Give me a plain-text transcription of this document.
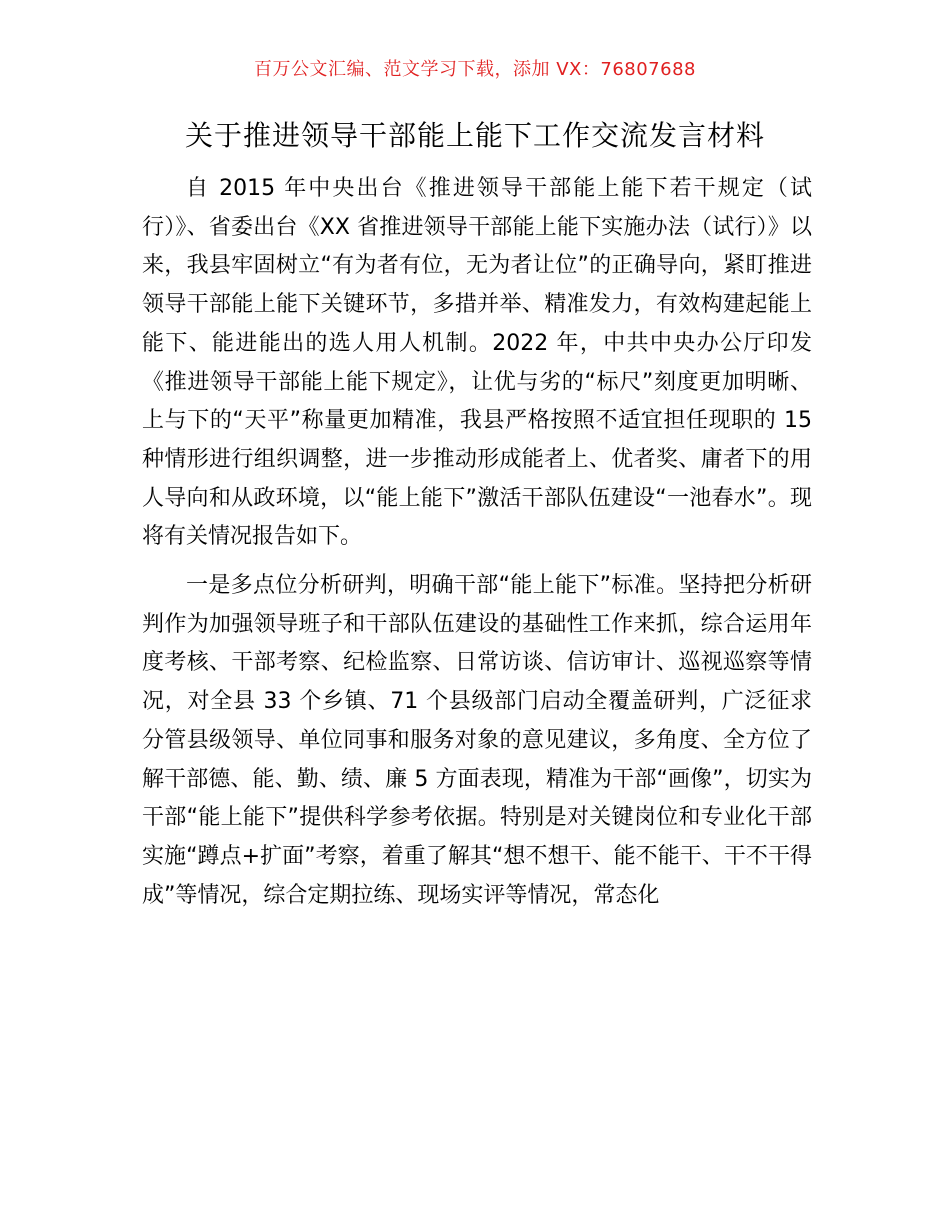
百万公文汇编、范文学习下载，添加 VX：76807688
关于推进领导干部能上能下工作交流发言材料

自 2015 年中央出台《推进领导干部能上能下若干规定（试行）》、省委出台《XX 省推进领导干部能上能下实施办法（试行）》以来，我县牢固树立“有为者有位，无为者让位”的正确导向，紧盯推进领导干部能上能下关键环节，多措并举、精准发力，有效构建起能上能下、能进能出的选人用人机制。2022 年，中共中央办公厅印发《推进领导干部能上能下规定》，让优与劣的“标尺”刻度更加明晰、上与下的“天平”称量更加精准，我县严格按照不适宜担任现职的 15 种情形进行组织调整，进一步推动形成能者上、优者奖、庸者下的用人导向和从政环境，以“能上能下”激活干部队伍建设“一池春水”。现将有关情况报告如下。

一是多点位分析研判，明确干部“能上能下”标准。坚持把分析研判作为加强领导班子和干部队伍建设的基础性工作来抓，综合运用年度考核、干部考察、纪检监察、日常访谈、信访审计、巡视巡察等情况，对全县 33 个乡镇、71 个县级部门启动全覆盖研判，广泛征求分管县级领导、单位同事和服务对象的意见建议，多角度、全方位了解干部德、能、勤、绩、廉 5 方面表现，精准为干部“画像”，切实为干部“能上能下”提供科学参考依据。特别是对关键岗位和专业化干部实施“蹲点+扩面”考察，着重了解其“想不想干、能不能干、干不干得成”等情况，综合定期拉练、现场实评等情况，常态化
